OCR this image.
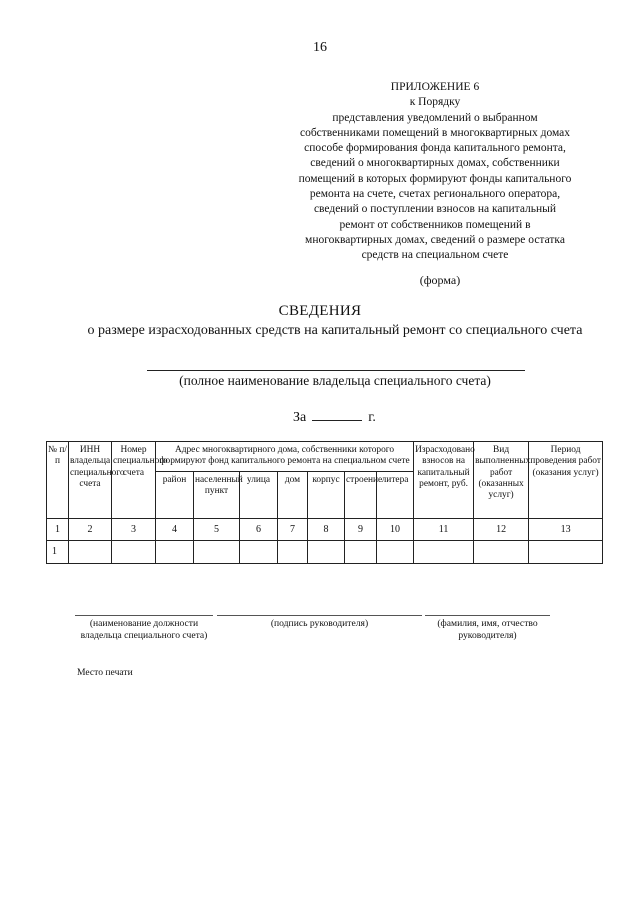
16
ПРИЛОЖЕНИЕ 6
к Порядку
представления уведомлений о выбранном
собственниками помещений в многоквартирных домах
способе формирования фонда капитального ремонта,
сведений о многоквартирных домах, собственники
помещений в которых формируют фонды капитального
ремонта на счете, счетах регионального оператора,
сведений о поступлении взносов на капитальный
ремонт от собственников помещений в
многоквартирных домах, сведений о размере остатка
средств на специальном счете
(форма)
СВЕДЕНИЯ
о размере израсходованных средств на капитальный ремонт со специального счета
(полное наименование владельца специального счета)
За	г.
№ п/п	ИНН владельца специального счета	Номер специального счета	Адрес многоквартирного дома, собственники которого формируют фонд капитального ремонта на специальном счете							Израсходовано взносов на капитальный ремонт, руб.	Вид выполненных работ (оказанных услуг)	Период проведения работ (оказания услуг)
			район	населенный пункт	улица	дом	корпус	строение	литера			
1	2	3	4	5	6	7	8	9	10	11	12	13
1												
(наименование должности владельца специального счета)
(подпись руководителя)	(фамилия, имя, отчество руководителя)
Место печати
